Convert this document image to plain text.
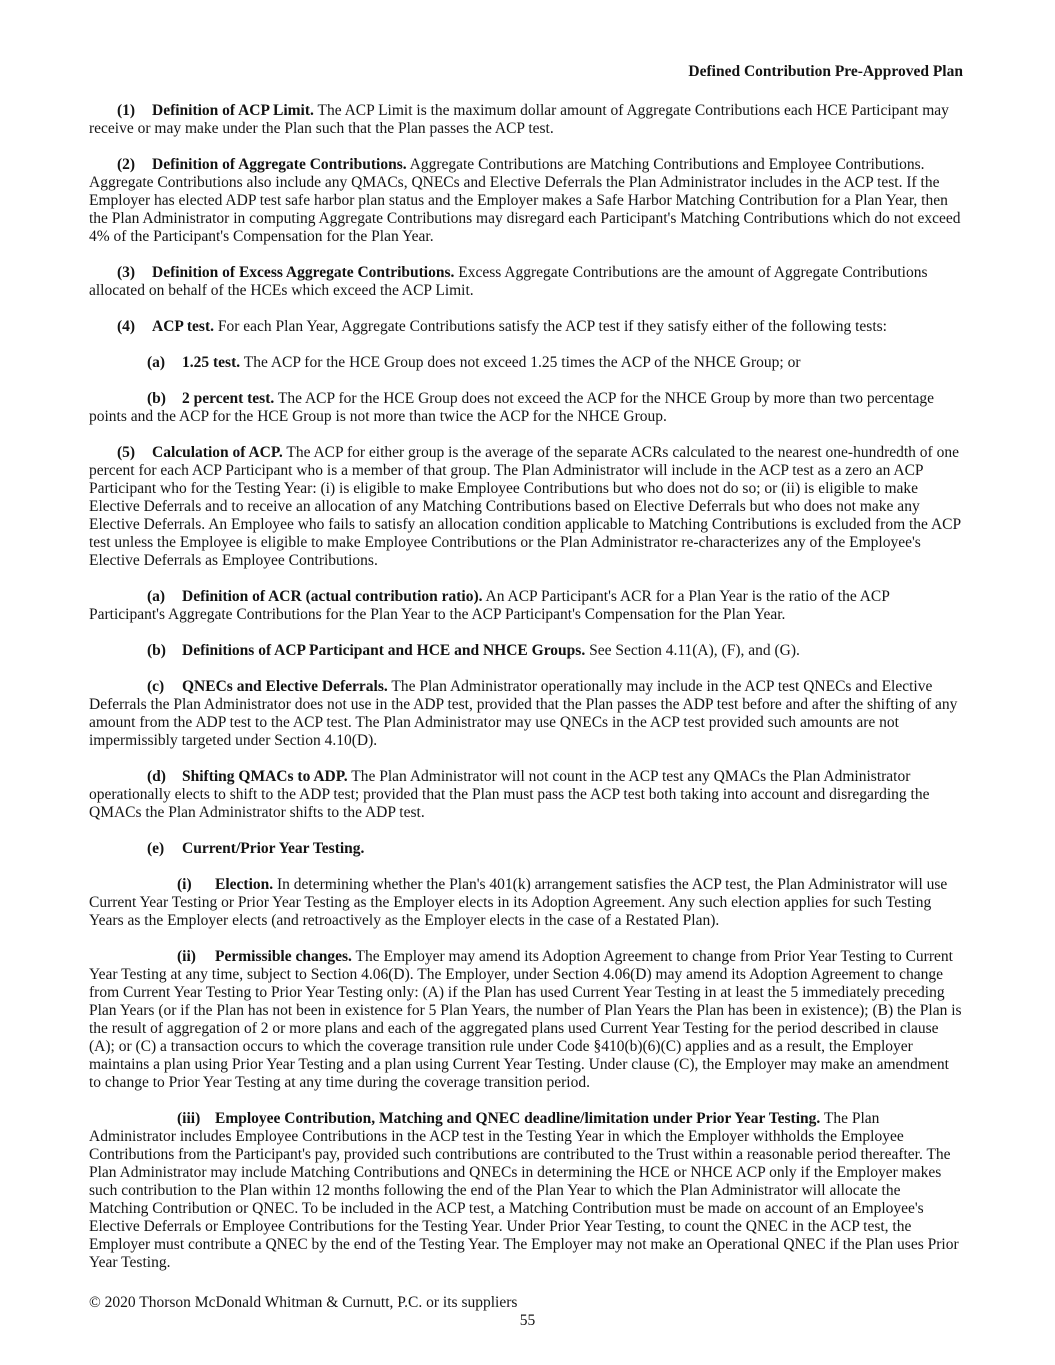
Defined Contribution Pre-Approved Plan

(1) Definition of ACP Limit. The ACP Limit is the maximum dollar amount of Aggregate Contributions each HCE Participant may receive or may make under the Plan such that the Plan passes the ACP test.

(2) Definition of Aggregate Contributions. Aggregate Contributions are Matching Contributions and Employee Contributions. Aggregate Contributions also include any QMACs, QNECs and Elective Deferrals the Plan Administrator includes in the ACP test. If the Employer has elected ADP test safe harbor plan status and the Employer makes a Safe Harbor Matching Contribution for a Plan Year, then the Plan Administrator in computing Aggregate Contributions may disregard each Participant's Matching Contributions which do not exceed 4% of the Participant's Compensation for the Plan Year.

(3) Definition of Excess Aggregate Contributions. Excess Aggregate Contributions are the amount of Aggregate Contributions allocated on behalf of the HCEs which exceed the ACP Limit.

(4) ACP test. For each Plan Year, Aggregate Contributions satisfy the ACP test if they satisfy either of the following tests:

(a) 1.25 test. The ACP for the HCE Group does not exceed 1.25 times the ACP of the NHCE Group; or

(b) 2 percent test. The ACP for the HCE Group does not exceed the ACP for the NHCE Group by more than two percentage points and the ACP for the HCE Group is not more than twice the ACP for the NHCE Group.

(5) Calculation of ACP. The ACP for either group is the average of the separate ACRs calculated to the nearest one-hundredth of one percent for each ACP Participant who is a member of that group. The Plan Administrator will include in the ACP test as a zero an ACP Participant who for the Testing Year: (i) is eligible to make Employee Contributions but who does not do so; or (ii) is eligible to make Elective Deferrals and to receive an allocation of any Matching Contributions based on Elective Deferrals but who does not make any Elective Deferrals. An Employee who fails to satisfy an allocation condition applicable to Matching Contributions is excluded from the ACP test unless the Employee is eligible to make Employee Contributions or the Plan Administrator re-characterizes any of the Employee's Elective Deferrals as Employee Contributions.

(a) Definition of ACR (actual contribution ratio). An ACP Participant's ACR for a Plan Year is the ratio of the ACP Participant's Aggregate Contributions for the Plan Year to the ACP Participant's Compensation for the Plan Year.

(b) Definitions of ACP Participant and HCE and NHCE Groups. See Section 4.11(A), (F), and (G).

(c) QNECs and Elective Deferrals. The Plan Administrator operationally may include in the ACP test QNECs and Elective Deferrals the Plan Administrator does not use in the ADP test, provided that the Plan passes the ADP test before and after the shifting of any amount from the ADP test to the ACP test. The Plan Administrator may use QNECs in the ACP test provided such amounts are not impermissibly targeted under Section 4.10(D).

(d) Shifting QMACs to ADP. The Plan Administrator will not count in the ACP test any QMACs the Plan Administrator operationally elects to shift to the ADP test; provided that the Plan must pass the ACP test both taking into account and disregarding the QMACs the Plan Administrator shifts to the ADP test.

(e) Current/Prior Year Testing.

(i) Election. In determining whether the Plan's 401(k) arrangement satisfies the ACP test, the Plan Administrator will use Current Year Testing or Prior Year Testing as the Employer elects in its Adoption Agreement. Any such election applies for such Testing Years as the Employer elects (and retroactively as the Employer elects in the case of a Restated Plan).

(ii) Permissible changes. The Employer may amend its Adoption Agreement to change from Prior Year Testing to Current Year Testing at any time, subject to Section 4.06(D). The Employer, under Section 4.06(D) may amend its Adoption Agreement to change from Current Year Testing to Prior Year Testing only: (A) if the Plan has used Current Year Testing in at least the 5 immediately preceding Plan Years (or if the Plan has not been in existence for 5 Plan Years, the number of Plan Years the Plan has been in existence); (B) the Plan is the result of aggregation of 2 or more plans and each of the aggregated plans used Current Year Testing for the period described in clause (A); or (C) a transaction occurs to which the coverage transition rule under Code §410(b)(6)(C) applies and as a result, the Employer maintains a plan using Prior Year Testing and a plan using Current Year Testing. Under clause (C), the Employer may make an amendment to change to Prior Year Testing at any time during the coverage transition period.

(iii) Employee Contribution, Matching and QNEC deadline/limitation under Prior Year Testing. The Plan Administrator includes Employee Contributions in the ACP test in the Testing Year in which the Employer withholds the Employee Contributions from the Participant's pay, provided such contributions are contributed to the Trust within a reasonable period thereafter. The Plan Administrator may include Matching Contributions and QNECs in determining the HCE or NHCE ACP only if the Employer makes such contribution to the Plan within 12 months following the end of the Plan Year to which the Plan Administrator will allocate the Matching Contribution or QNEC. To be included in the ACP test, a Matching Contribution must be made on account of an Employee's Elective Deferrals or Employee Contributions for the Testing Year. Under Prior Year Testing, to count the QNEC in the ACP test, the Employer must contribute a QNEC by the end of the Testing Year. The Employer may not make an Operational QNEC if the Plan uses Prior Year Testing.

© 2020 Thorson McDonald Whitman & Curnutt, P.C. or its suppliers
55
